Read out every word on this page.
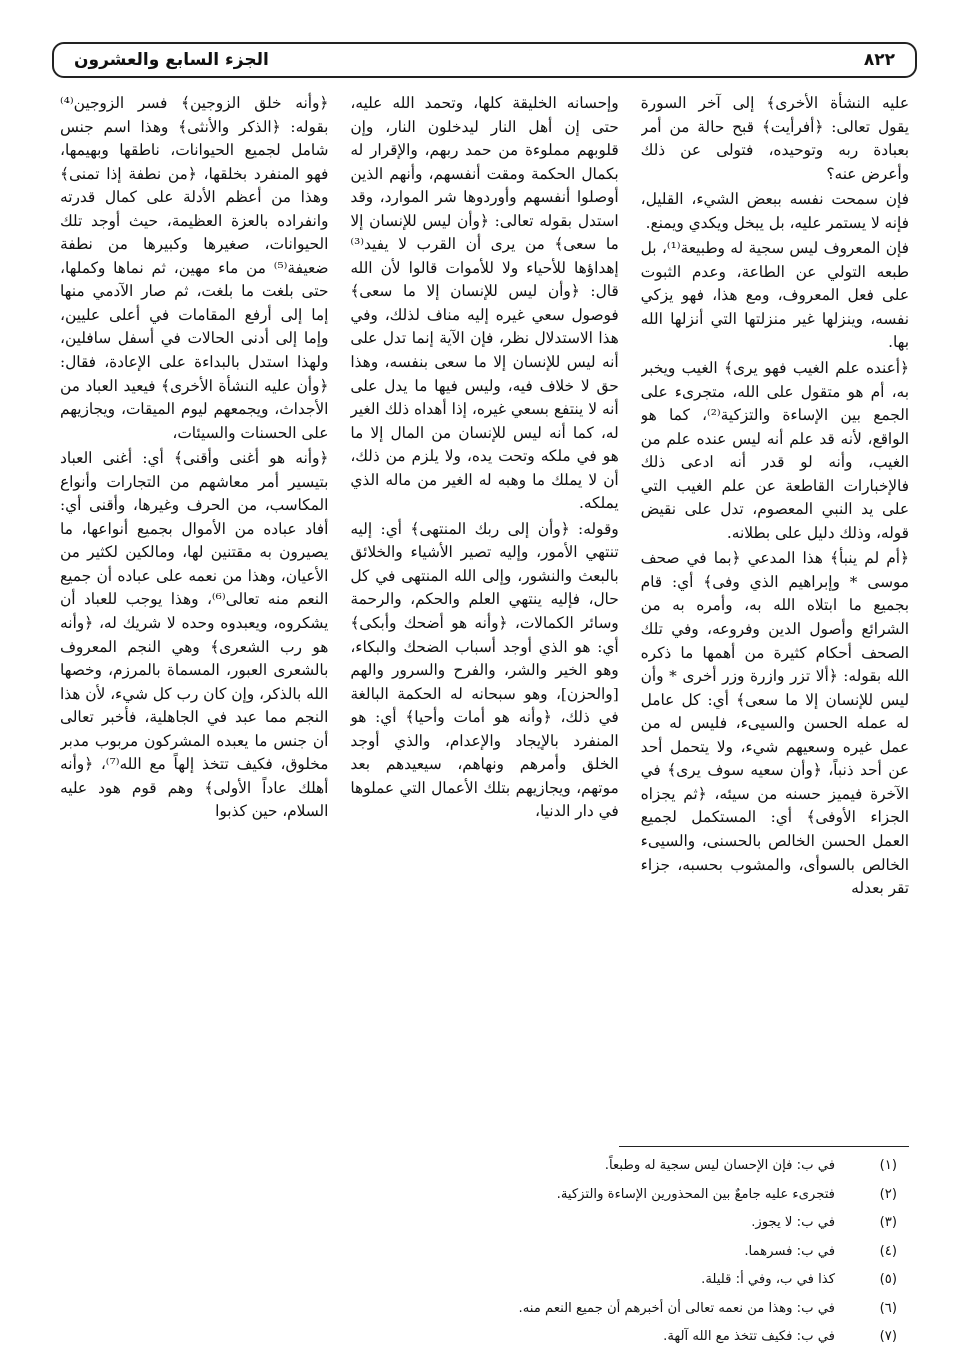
٨٢٢
الجزء السابع والعشرون

عليه النشأة الأخرى﴾ إلى آخر السورة يقول تعالى: ﴿أفرأيت﴾ قبح حالة من أمر بعبادة ربه وتوحيده، فتولى عن ذلك وأعرض عنه؟

فإن سمحت نفسه ببعض الشيء، القليل، فإنه لا يستمر عليه، بل يبخل ويكدي ويمنع.

فإن المعروف ليس سجية له وطبيعة⁽¹⁾، بل طبعه التولي عن الطاعة، وعدم الثبوت على فعل المعروف، ومع هذا، فهو يزكي نفسه، وينزلها غير منزلتها التي أنزلها الله بها.

﴿أعنده علم الغيب فهو يرى﴾ الغيب ويخبر به، أم هو متقول على الله، متجرىء على الجمع بين الإساءة والتزكية⁽²⁾، كما هو الواقع، لأنه قد علم أنه ليس عنده علم من الغيب، وأنه لو قدر أنه ادعى ذلك فالإخبارات القاطعة عن علم الغيب التي على يد النبي المعصوم، تدل على نقيض قوله، وذلك دليل على بطلانه.

﴿أم لم ينبأ﴾ هذا المدعي ﴿بما في صحف موسى * وإبراهيم الذي وفى﴾ أي: قام بجميع ما ابتلاه الله به، وأمره به من الشرائع وأصول الدين وفروعه، وفي تلك الصحف أحكام كثيرة من أهمها ما ذكره الله بقوله: ﴿ألا تزر وازرة وزر أخرى * وأن ليس للإنسان إلا ما سعى﴾ أي: كل عامل له عمله الحسن والسيىء، فليس له من عمل غيره وسعيهم شيء، ولا يتحمل أحد عن أحد ذنباً، ﴿وأن سعيه سوف يرى﴾ في الآخرة فيميز حسنه من سيئه، ﴿ثم يجزاه الجزاء الأوفى﴾ أي: المستكمل لجميع العمل الحسن الخالص بالحسنى، والسيىء الخالص بالسوأى، والمشوب بحسبه، جزاء تقر بعدله

وإحسانه الخليقة كلها، وتحمد الله عليه، حتى إن أهل النار ليدخلون النار، وإن قلوبهم مملوءة من حمد ربهم، والإقرار له بكمال الحكمة ومقت أنفسهم، وأنهم الذين أوصلوا أنفسهم وأوردوها شر الموارد، وقد استدل بقوله تعالى: ﴿وأن ليس للإنسان إلا ما سعى﴾ من يرى أن القرب لا يفيد⁽³⁾ إهداؤها للأحياء ولا للأموات قالوا لأن الله قال: ﴿وأن ليس للإنسان إلا ما سعى﴾ فوصول سعي غيره إليه مناف لذلك، وفي هذا الاستدلال نظر، فإن الآية إنما تدل على أنه ليس للإنسان إلا ما سعى بنفسه، وهذا حق لا خلاف فيه، وليس فيها ما يدل على أنه لا ينتفع بسعي غيره، إذا أهداه ذلك الغير له، كما أنه ليس للإنسان من المال إلا ما هو في ملكه وتحت يده، ولا يلزم من ذلك، أن لا يملك ما وهبه له الغير من ماله الذي يملكه.

وقوله: ﴿وأن إلى ربك المنتهى﴾ أي: إليه تنتهي الأمور، وإليه تصير الأشياء والخلائق بالبعث والنشور، وإلى الله المنتهى في كل حال، فإليه ينتهي العلم والحكم، والرحمة وسائر الكمالات، ﴿وأنه هو أضحك وأبكى﴾ أي: هو الذي أوجد أسباب الضحك والبكاء، وهو الخير والشر، والفرح والسرور والهم [والحزن]، وهو سبحانه له الحكمة البالغة في ذلك، ﴿وأنه هو أمات وأحيا﴾ أي: هو المنفرد بالإيجاد والإعدام، والذي أوجد الخلق وأمرهم ونهاهم، سيعيدهم بعد موتهم، ويجازيهم بتلك الأعمال التي عملوها في دار الدنيا،

﴿وأنه خلق الزوجين﴾ فسر الزوجين⁽⁴⁾ بقوله: ﴿الذكر والأنثى﴾ وهذا اسم جنس شامل لجميع الحيوانات، ناطقها وبهيمها، فهو المنفرد بخلقها، ﴿من نطفة إذا تمنى﴾ وهذا من أعظم الأدلة على كمال قدرته وانفراده بالعزة العظيمة، حيث أوجد تلك الحيوانات، صغيرها وكبيرها من نطفة ضعيفة⁽⁵⁾ من ماء مهين، ثم نماها وكملها، حتى بلغت ما بلغت، ثم صار الآدمي منها إما إلى أرفع المقامات في أعلى عليين، وإما إلى أدنى الحالات في أسفل سافلين، ولهذا استدل بالبداءة على الإعادة، فقال: ﴿وأن عليه النشأة الأخرى﴾ فيعيد العباد من الأجداث، ويجمعهم ليوم الميقات، ويجازيهم على الحسنات والسيئات،

﴿وأنه هو أغنى وأقنى﴾ أي: أغنى العباد بتيسير أمر معاشهم من التجارات وأنواع المكاسب، من الحرف وغيرها، وأقنى أي: أفاد عباده من الأموال بجميع أنواعها، ما يصيرون به مقتنين لها، ومالكين لكثير من الأعيان، وهذا من نعمه على عباده أن جميع النعم منه تعالى⁽⁶⁾، وهذا يوجب للعباد أن يشكروه، ويعبدوه وحده لا شريك له، ﴿وأنه هو رب الشعرى﴾ وهي النجم المعروف بالشعرى العبور، المسماة بالمرزم، وخصها الله بالذكر، وإن كان رب كل شيء، لأن هذا النجم مما عبد في الجاهلية، فأخبر تعالى أن جنس ما يعبده المشركون مربوب مدبر مخلوق، فكيف تتخذ إلهاً مع الله⁽⁷⁾، ﴿وأنه أهلك عاداً الأولى﴾ وهم قوم هود عليه السلام، حين كذبوا

(١)
في ب: فإن الإحسان ليس سجية له وطبعاً.
(٢)
فتجرىء عليه جامعٌ بين المحذورين الإساءة والتزكية.
(٣)
في ب: لا يجوز.
(٤)
في ب: فسرهما.
(٥)
كذا في ب، وفي أ: قليلة.
(٦)
في ب: وهذا من نعمه تعالى أن أخبرهم أن جميع النعم منه.
(٧)
في ب: فكيف تتخذ مع الله آلهة.
